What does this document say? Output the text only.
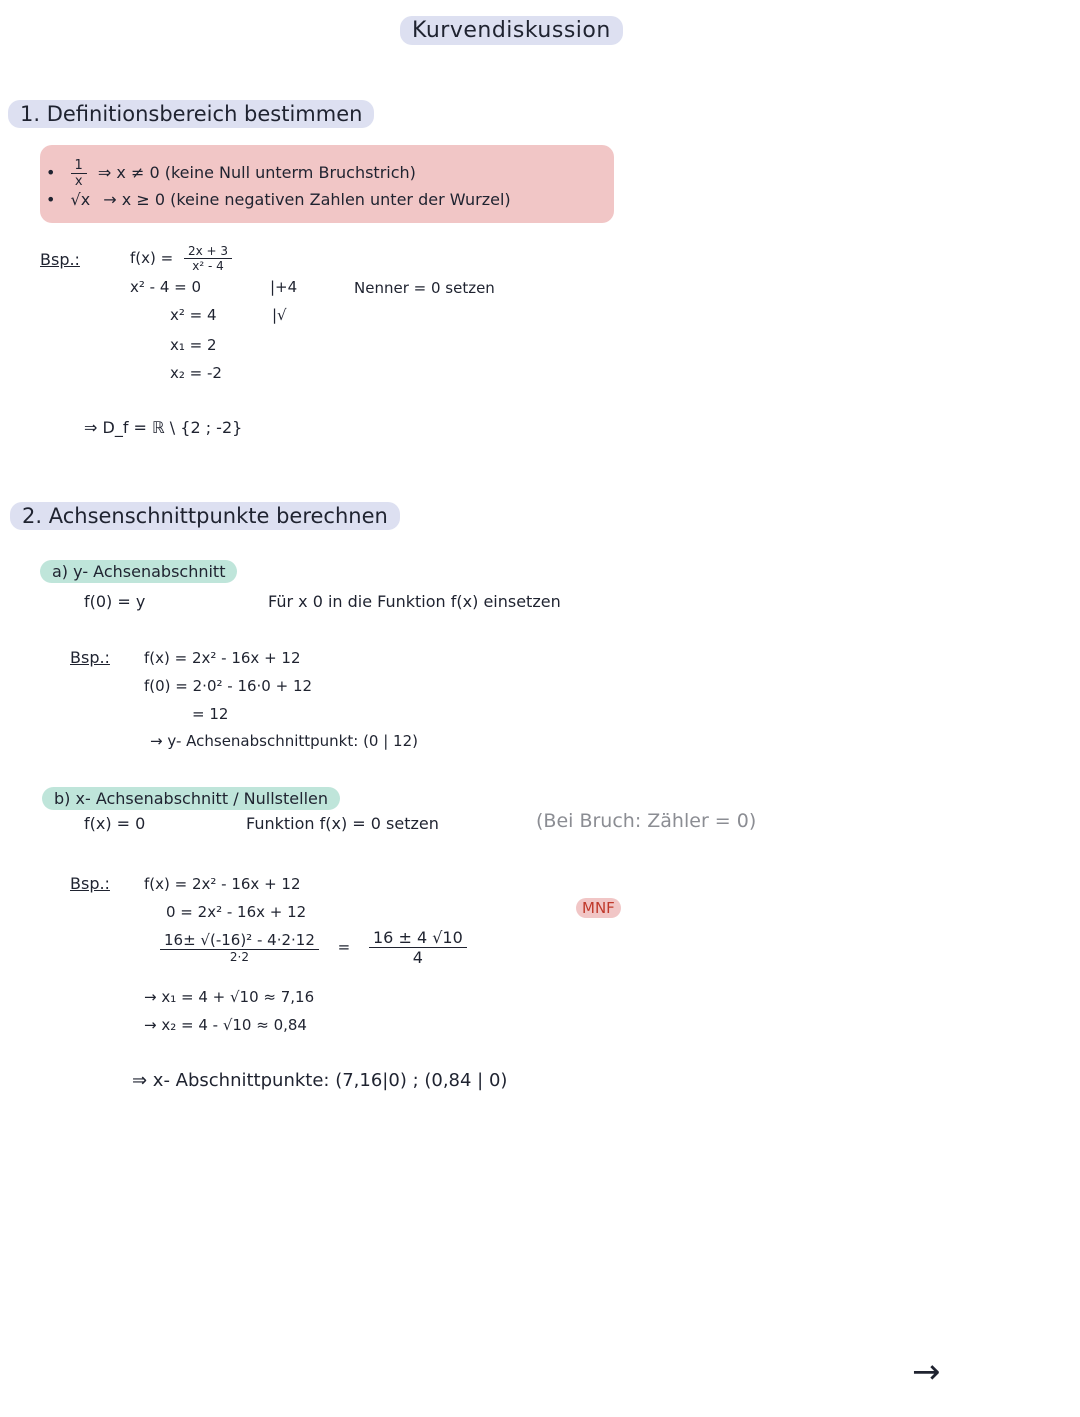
Kurvendiskussion
1. Definitionsbereich bestimmen
• $\frac{1}{x}$ ⇒ x ≠ 0 (keine Null unterm Bruchstrich)
• √x → x ≥ 0 (keine negativen Zahlen unter der Wurzel)
Bsp.:	$f(x) = \frac{2x + 3}{\text{x² - 4}}$
x² - 4 = 0	|+4	Nenner = 0 setzen
x² = 4	|√
x₁ = 2
x₂ = -2
⇒ D_f = ℝ \ {2 ; -2}
2. Achsenschnittpunkte berechnen
a) y- Achsenabschnitt
f(0) = y	Für x 0 in die Funktion f(x) einsetzen
Bsp.: f(x) = 2x² - 16x + 12
f(0) = 2·0² - 16·0 + 12
= 12
→ y- Achsenabschnittpunkt: (0 | 12)
b) x- Achsenabschnitt / Nullstellen
f(x) = 0	Funktion f(x) = 0 setzen	(Bei Bruch: Zähler = 0)
Bsp.: f(x) = 2x² - 16x + 12
0 = 2x² - 16x + 12	MNF
$\frac{\text{16± √(-16)² - 4·2·12}}{2\cdot 2} = \frac{16 \pm 4 √10}{4}$
→ x₁ = 4 + √10 ≈ 7,16
→ x₂ = 4 - √10 ≈ 0,84
⇒ x- Abschnittpunkte: (7,16|0) ; (0,84 | 0)
→
